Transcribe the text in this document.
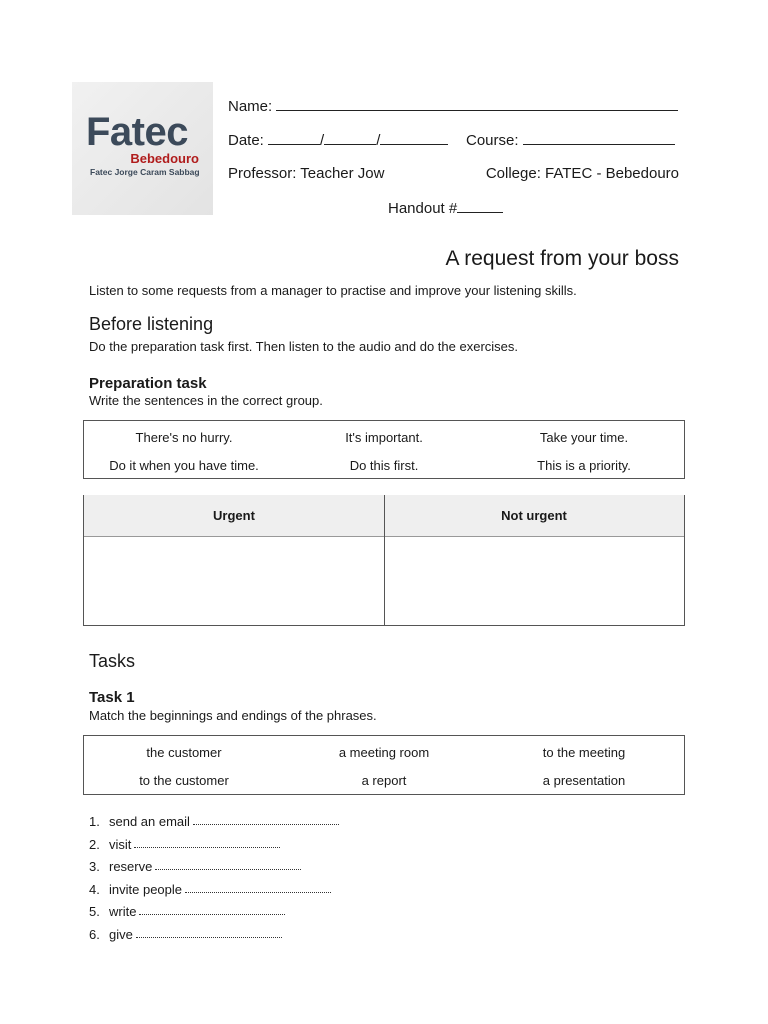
Fatec
Bebedouro
Fatec Jorge Caram Sabbag
Name:
Date:	/	/	Course:
Professor: Teacher Jow	College: FATEC - Bebedouro
Handout #
A request from your boss
Listen to some requests from a manager to practise and improve your listening skills.
Before listening
Do the preparation task first. Then listen to the audio and do the exercises.
Preparation task
Write the sentences in the correct group.
There's no hurry.	It's important.	Take your time.
Do it when you have time.	Do this first.	This is a priority.
Urgent	Not urgent
Tasks
Task 1
Match the beginnings and endings of the phrases.
the customer	a meeting room	to the meeting
to the customer	a report	a presentation
1. send an email
2. visit
3. reserve
4. invite people
5. write
6. give
